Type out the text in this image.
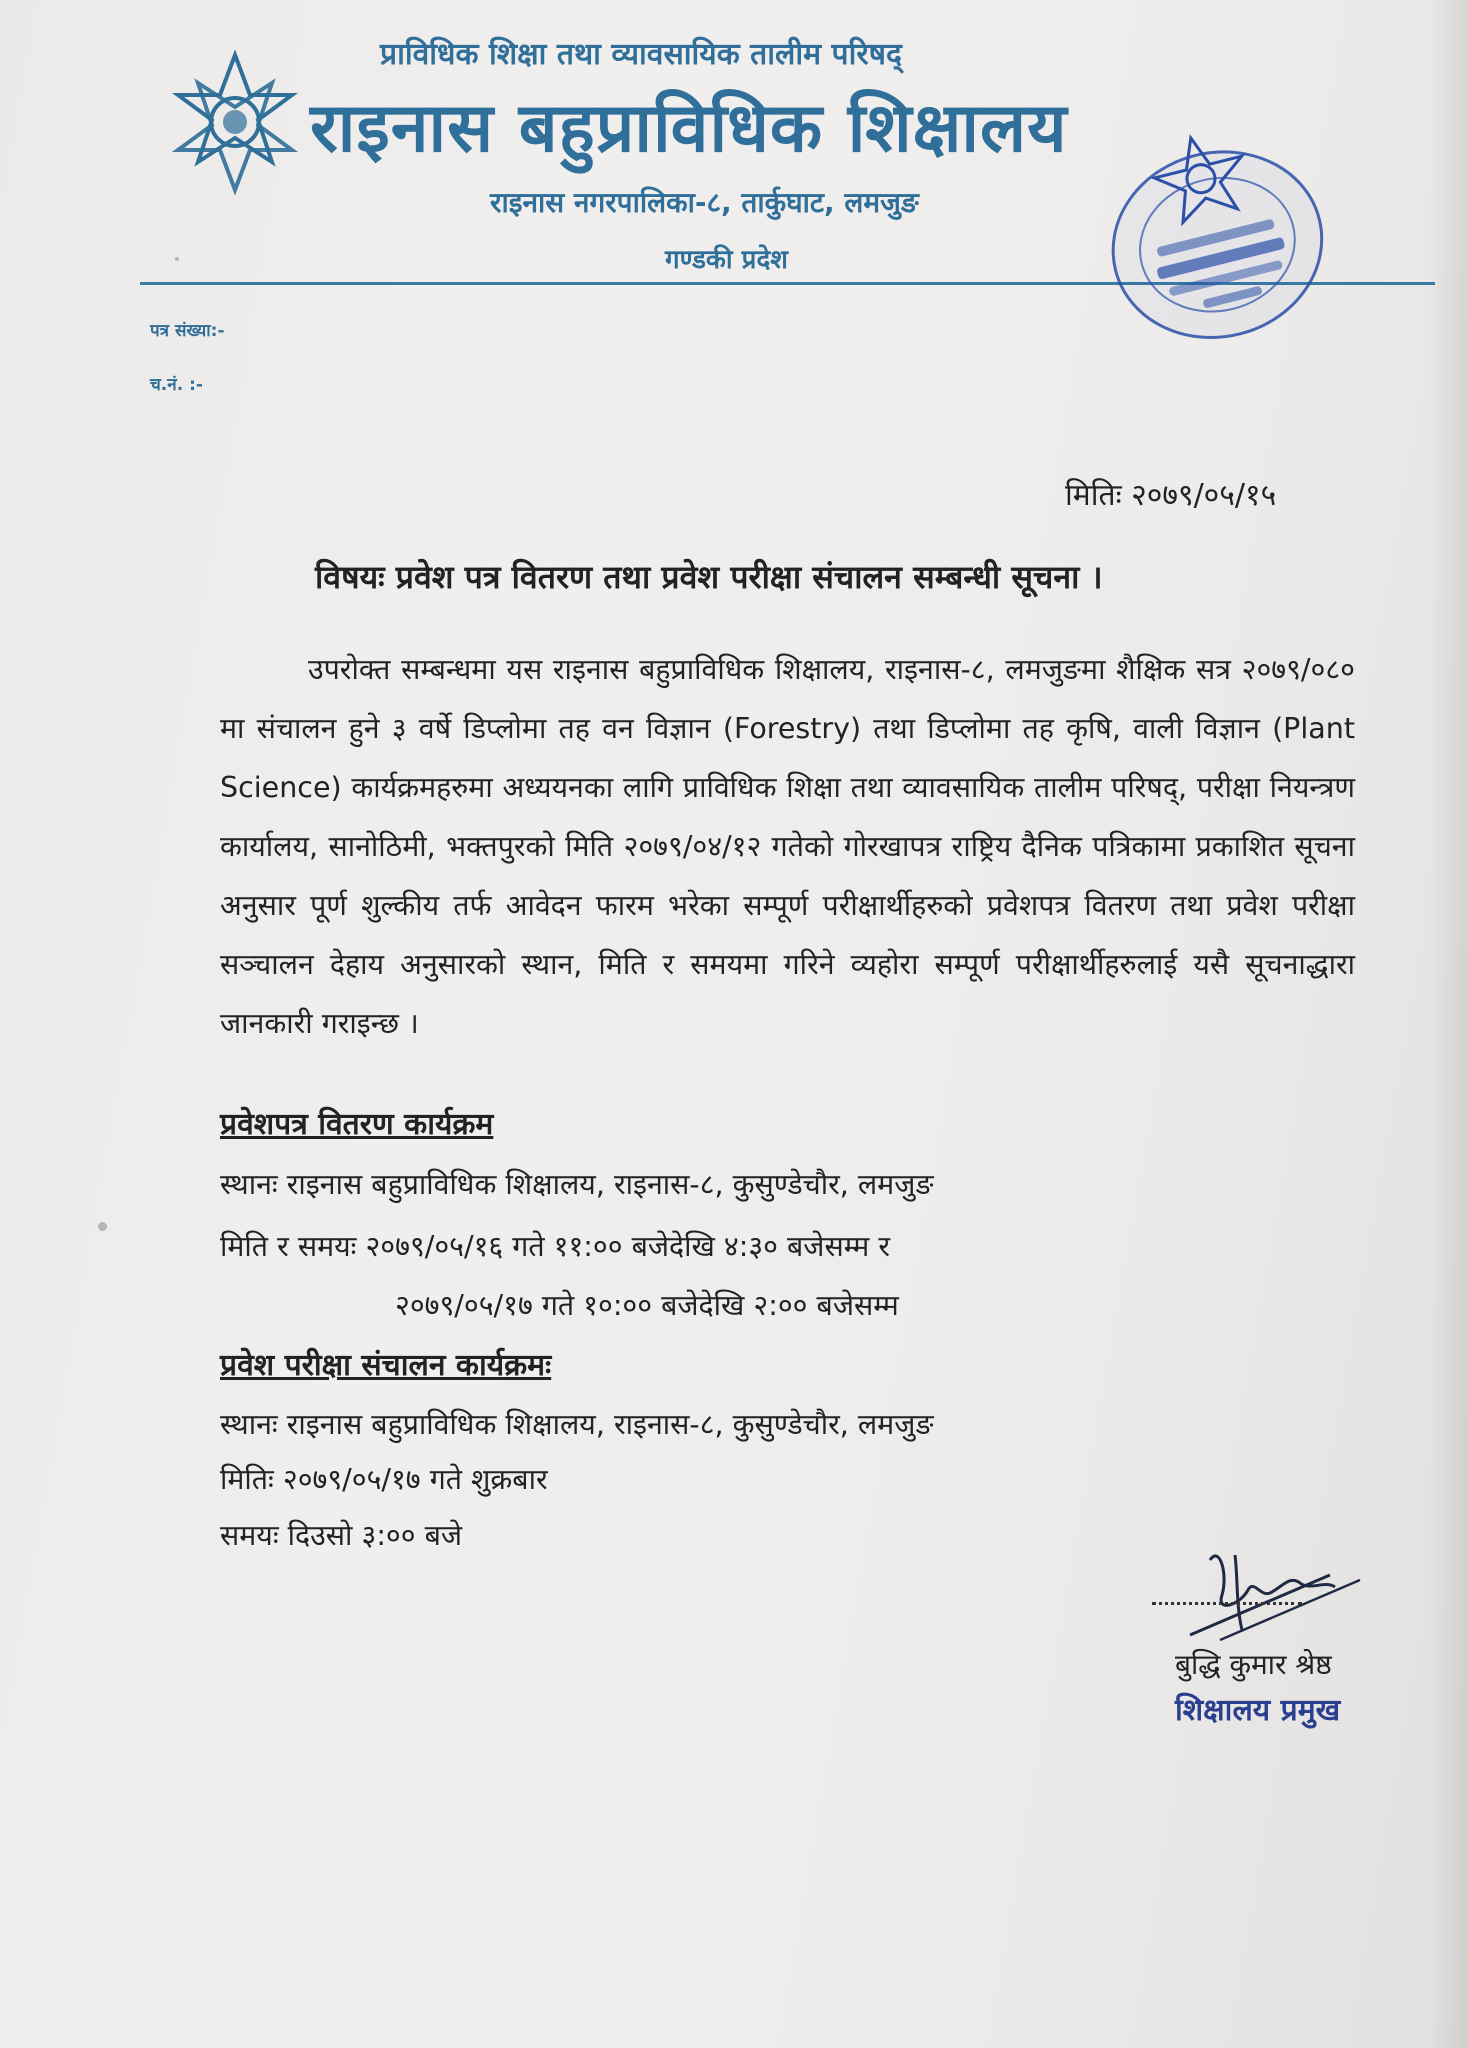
प्राविधिक शिक्षा तथा व्यावसायिक तालीम परिषद्
राइनास बहुप्राविधिक शिक्षालय
राइनास नगरपालिका-८, तार्कुघाट, लमजुङ
गण्डकी प्रदेश
पत्र संख्या:-
च.नं. :-
मितिः २०७९/०५/१५
विषयः प्रवेश पत्र वितरण तथा प्रवेश परीक्षा संचालन सम्बन्धी सूचना ।
उपरोक्त सम्बन्धमा यस राइनास बहुप्राविधिक शिक्षालय, राइनास-८, लमजुङमा शैक्षिक सत्र २०७९/०८० मा संचालन हुने ३ वर्षे डिप्लोमा तह वन विज्ञान (Forestry) तथा डिप्लोमा तह कृषि, वाली विज्ञान (Plant Science) कार्यक्रमहरुमा अध्ययनका लागि प्राविधिक शिक्षा तथा व्यावसायिक तालीम परिषद्, परीक्षा नियन्त्रण कार्यालय, सानोठिमी, भक्तपुरको मिति २०७९/०४/१२ गतेको गोरखापत्र राष्ट्रिय दैनिक पत्रिकामा प्रकाशित सूचना अनुसार पूर्ण शुल्कीय तर्फ आवेदन फारम भरेका सम्पूर्ण परीक्षार्थीहरुको प्रवेशपत्र वितरण तथा प्रवेश परीक्षा सञ्चालन देहाय अनुसारको स्थान, मिति र समयमा गरिने व्यहोरा सम्पूर्ण परीक्षार्थीहरुलाई यसै सूचनाद्धारा जानकारी गराइन्छ ।
प्रवेशपत्र वितरण कार्यक्रम
स्थानः राइनास बहुप्राविधिक शिक्षालय, राइनास-८, कुसुण्डेचौर, लमजुङ
मिति र समयः २०७९/०५/१६ गते ११:०० बजेदेखि ४:३० बजेसम्म र
२०७९/०५/१७ गते १०:०० बजेदेखि २:०० बजेसम्म
प्रवेश परीक्षा संचालन कार्यक्रमः
स्थानः राइनास बहुप्राविधिक शिक्षालय, राइनास-८, कुसुण्डेचौर, लमजुङ
मितिः २०७९/०५/१७ गते शुक्रबार
समयः दिउसो ३:०० बजे
बुद्धि कुमार श्रेष्ठ
शिक्षालय प्रमुख
